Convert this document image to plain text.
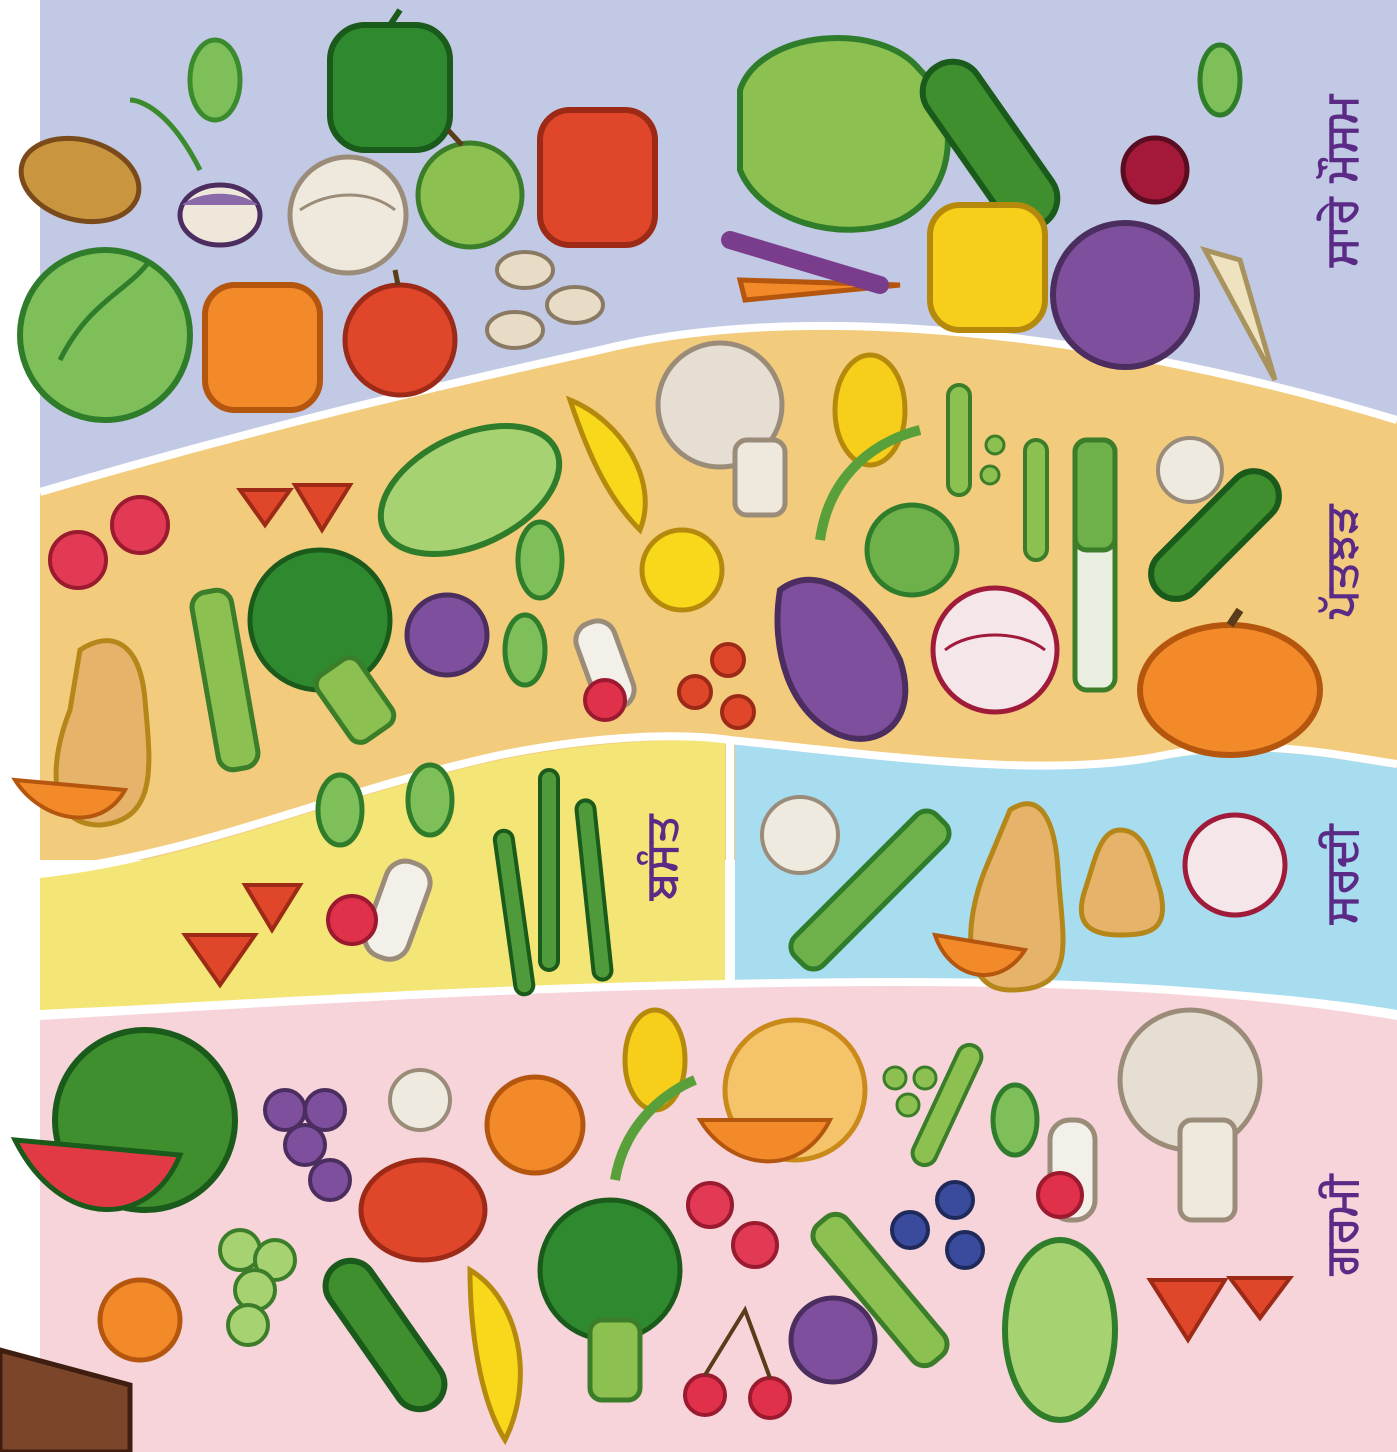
ਸਾਰੇ ਮੌਸਮ
ਪੱਤਝੜ
ਬਸੰਤ	ਸਰਦੀ
ਗਰਮੀ
